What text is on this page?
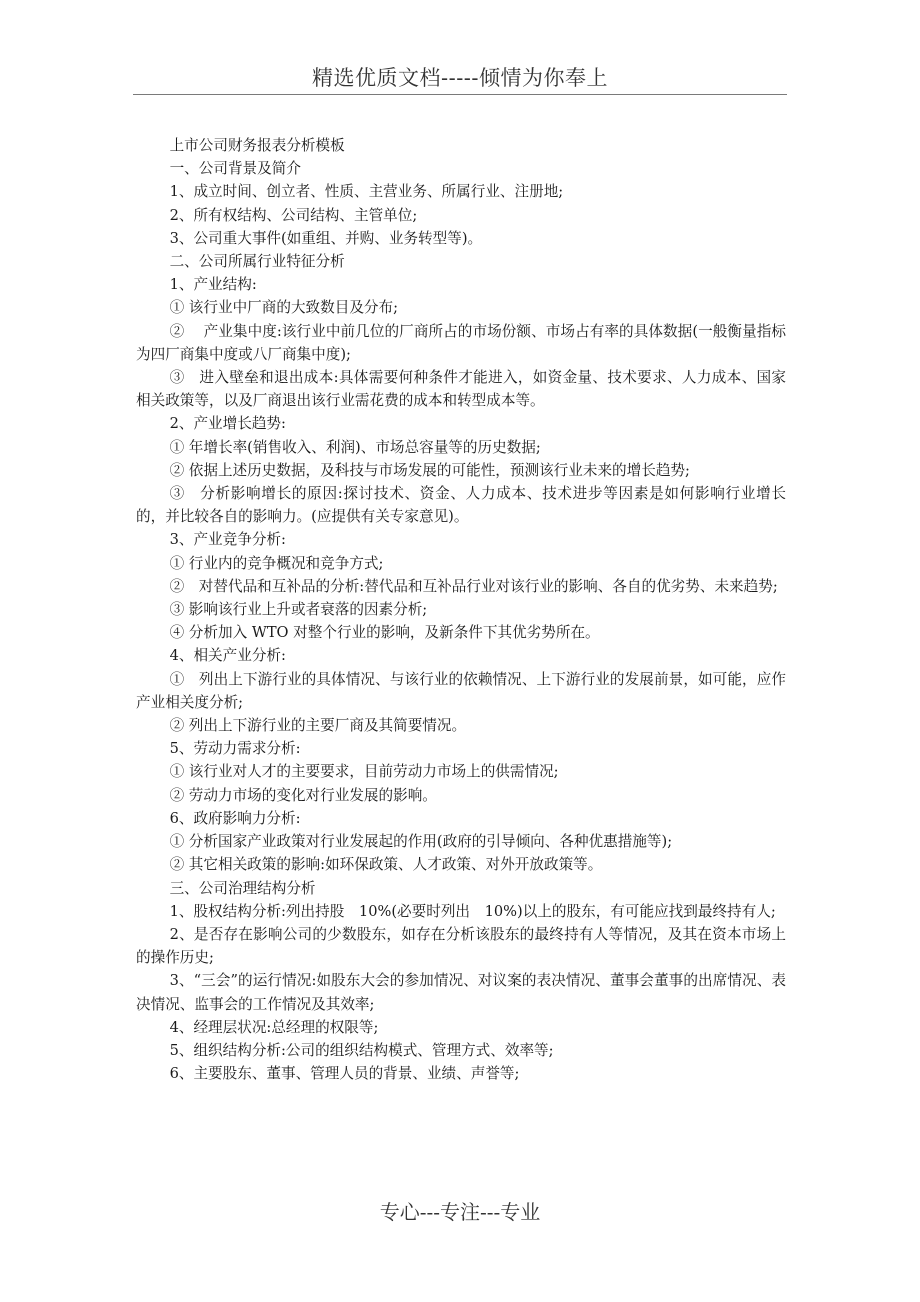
精选优质文档-----倾情为你奉上

上市公司财务报表分析模板

一、公司背景及简介

1、成立时间、创立者、性质、主营业务、所属行业、注册地;

2、所有权结构、公司结构、主管单位;

3、公司重大事件(如重组、并购、业务转型等)。

二、公司所属行业特征分析

1、产业结构:

① 该行业中厂商的大致数目及分布;

②　 产业集中度:该行业中前几位的厂商所占的市场份额、市场占有率的具体数据(一般衡量指标为四厂商集中度或八厂商集中度);

③　进入壁垒和退出成本:具体需要何种条件才能进入，如资金量、技术要求、人力成本、国家相关政策等，以及厂商退出该行业需花费的成本和转型成本等。

2、产业增长趋势:

① 年增长率(销售收入、利润)、市场总容量等的历史数据;

② 依据上述历史数据，及科技与市场发展的可能性，预测该行业未来的增长趋势;

③　分析影响增长的原因:探讨技术、资金、人力成本、技术进步等因素是如何影响行业增长的，并比较各自的影响力。(应提供有关专家意见)。

3、产业竞争分析:

① 行业内的竞争概况和竞争方式;

②　对替代品和互补品的分析:替代品和互补品行业对该行业的影响、各自的优劣势、未来趋势;

③ 影响该行业上升或者衰落的因素分析;

④ 分析加入 WTO 对整个行业的影响，及新条件下其优劣势所在。

4、相关产业分析:

①　列出上下游行业的具体情况、与该行业的依赖情况、上下游行业的发展前景，如可能，应作产业相关度分析;

② 列出上下游行业的主要厂商及其简要情况。

5、劳动力需求分析:

① 该行业对人才的主要要求，目前劳动力市场上的供需情况;

② 劳动力市场的变化对行业发展的影响。

6、政府影响力分析:

① 分析国家产业政策对行业发展起的作用(政府的引导倾向、各种优惠措施等);

② 其它相关政策的影响:如环保政策、人才政策、对外开放政策等。

三、公司治理结构分析

1、股权结构分析:列出持股　10%(必要时列出　10%)以上的股东，有可能应找到最终持有人;

2、是否存在影响公司的少数股东，如存在分析该股东的最终持有人等情况，及其在资本市场上的操作历史;

3、“三会”的运行情况:如股东大会的参加情况、对议案的表决情况、董事会董事的出席情况、表决情况、监事会的工作情况及其效率;

4、经理层状况:总经理的权限等;

5、组织结构分析:公司的组织结构模式、管理方式、效率等;

6、主要股东、董事、管理人员的背景、业绩、声誉等;

专心---专注---专业
